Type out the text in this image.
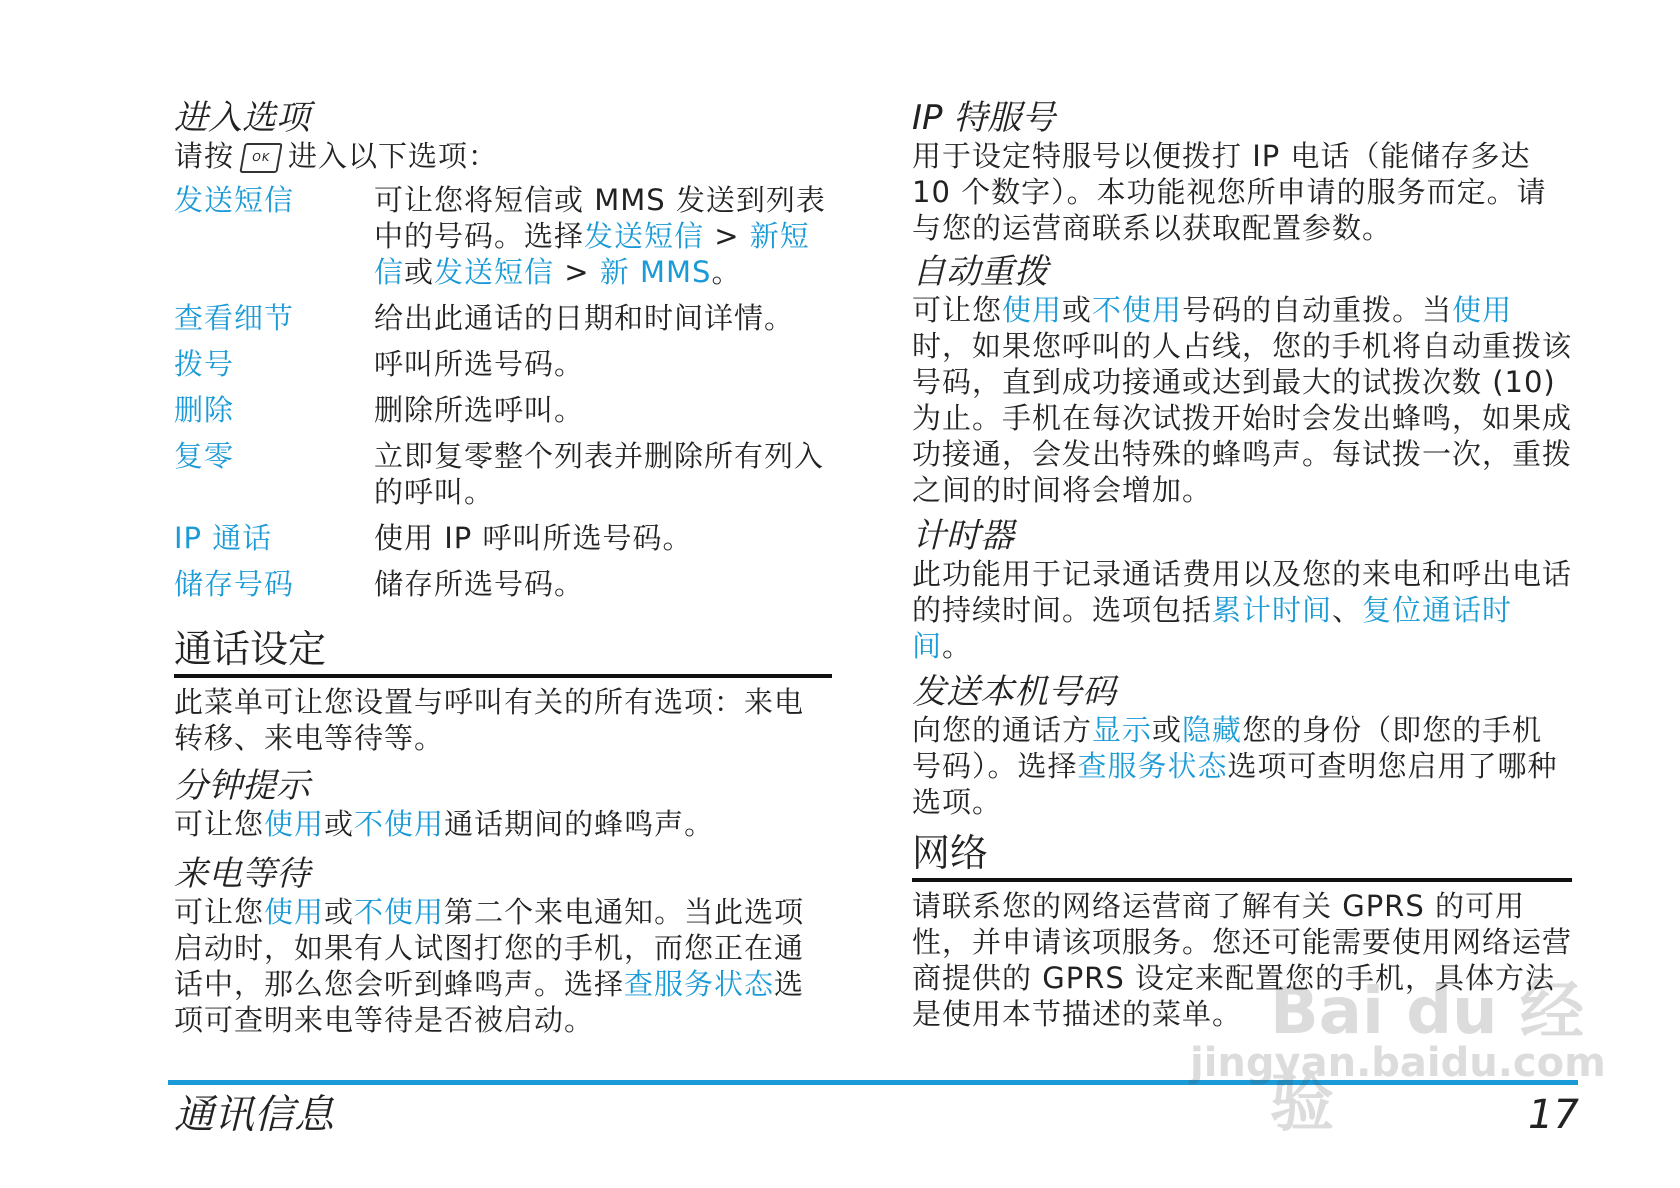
进入选项

请按 OK 进入以下选项：

发送短信	可让您将短信或 MMS 发送到列表中的号码。选择发送短信 > 新短信或发送短信 > 新 MMS。
查看细节	给出此通话的日期和时间详情。
拨号	呼叫所选号码。
删除	删除所选呼叫。
复零	立即复零整个列表并删除所有列入的呼叫。
IP 通话	使用 IP 呼叫所选号码。
储存号码	储存所选号码。
通话设定

此菜单可让您设置与呼叫有关的所有选项：来电转移、来电等待等。

分钟提示

可让您使用或不使用通话期间的蜂鸣声。

来电等待

可让您使用或不使用第二个来电通知。当此选项启动时，如果有人试图打您的手机，而您正在通话中，那么您会听到蜂鸣声。选择查服务状态选项可查明来电等待是否被启动。

IP 特服号

用于设定特服号以便拨打 IP 电话（能储存多达 10 个数字）。本功能视您所申请的服务而定。请与您的运营商联系以获取配置参数。

自动重拨

可让您使用或不使用号码的自动重拨。当使用时，如果您呼叫的人占线，您的手机将自动重拨该号码，直到成功接通或达到最大的试拨次数 (10) 为止。手机在每次试拨开始时会发出蜂鸣，如果成功接通，会发出特殊的蜂鸣声。每试拨一次，重拨之间的时间将会增加。

计时器

此功能用于记录通话费用以及您的来电和呼出电话的持续时间。选项包括累计时间、复位通话时间。

发送本机号码

向您的通话方显示或隐藏您的身份（即您的手机号码）。选择查服务状态选项可查明您启用了哪种选项。

网络

请联系您的网络运营商了解有关 GPRS 的可用性，并申请该项服务。您还可能需要使用网络运营商提供的 GPRS 设定来配置您的手机，具体方法是使用本节描述的菜单。

通讯信息	17
Bai du 经验
jingyan.baidu.com
